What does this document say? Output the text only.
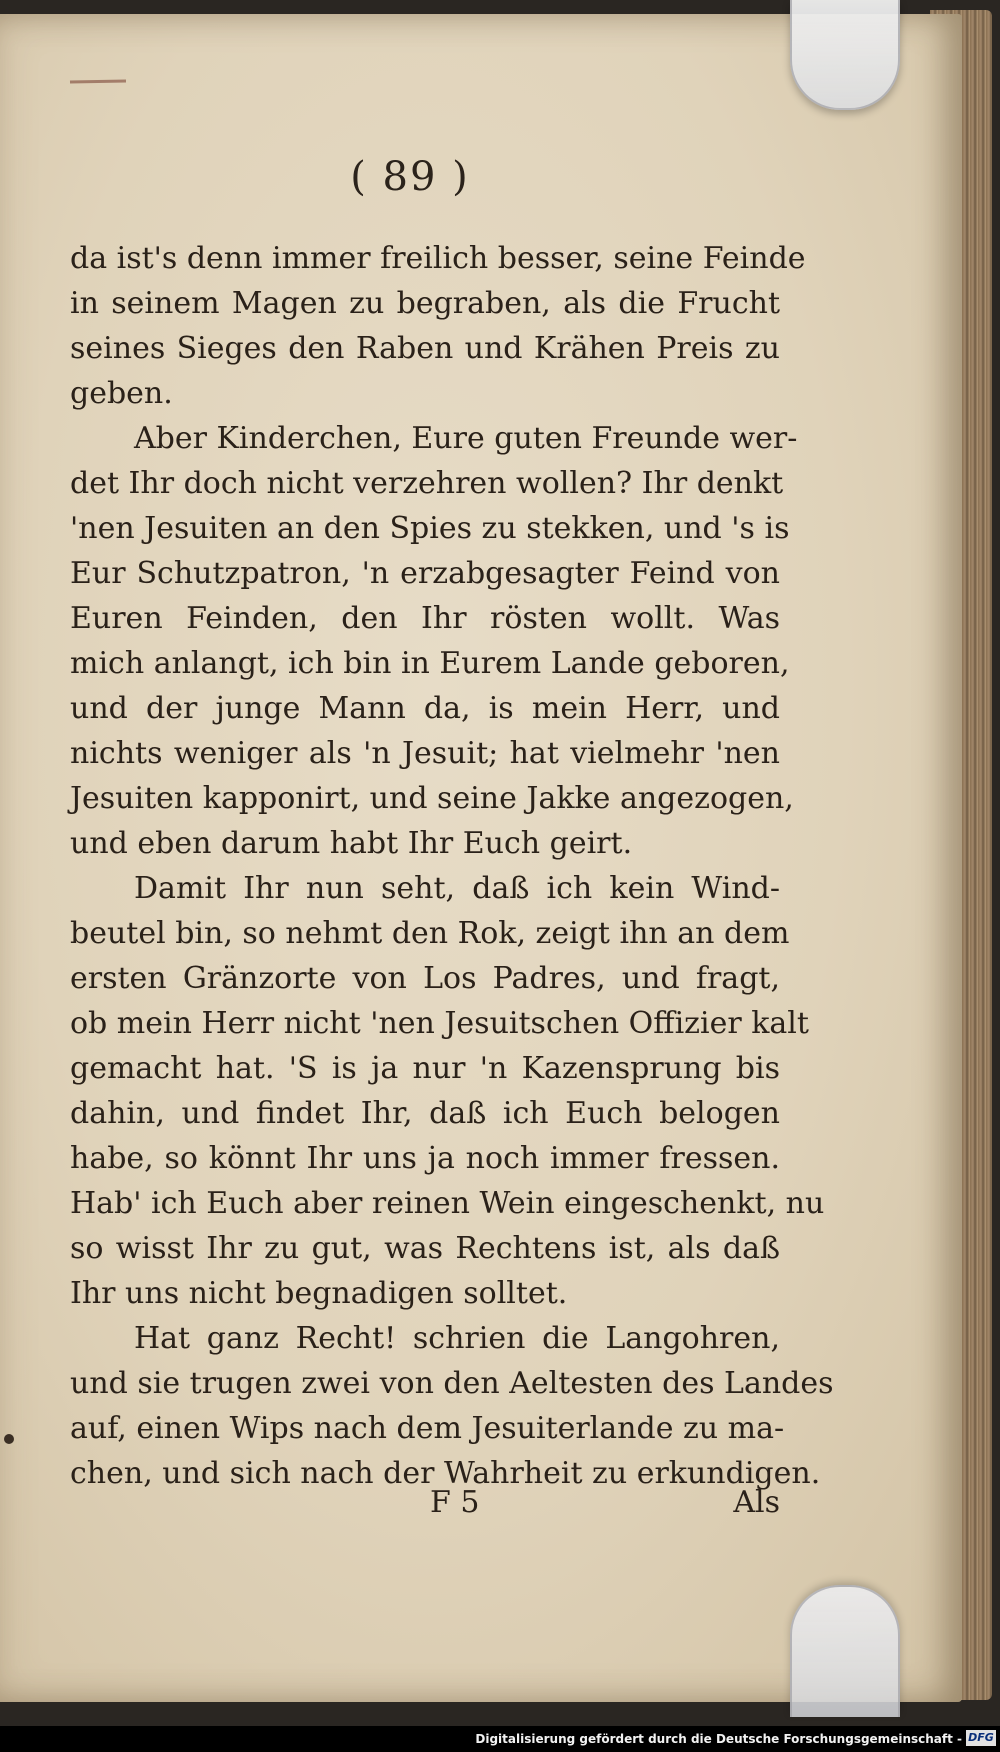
( 89 )
da ist's denn immer freilich besser, seine Feinde
in seinem Magen zu begraben, als die Frucht
seines Sieges den Raben und Krähen Preis zu
geben.
Aber Kinderchen, Eure guten Freunde wer-
det Ihr doch nicht verzehren wollen? Ihr denkt
'nen Jesuiten an den Spies zu stekken, und 's is
Eur Schutzpatron, 'n erzabgesagter Feind von
Euren Feinden, den Ihr rösten wollt. Was
mich anlangt, ich bin in Eurem Lande geboren,
und der junge Mann da, is mein Herr, und
nichts weniger als 'n Jesuit; hat vielmehr 'nen
Jesuiten kapponirt, und seine Jakke angezogen,
und eben darum habt Ihr Euch geirt.
Damit Ihr nun seht, daß ich kein Wind-
beutel bin, so nehmt den Rok, zeigt ihn an dem
ersten Gränzorte von Los Padres, und fragt,
ob mein Herr nicht 'nen Jesuitschen Offizier kalt
gemacht hat. 'S is ja nur 'n Kazensprung bis
dahin, und findet Ihr, daß ich Euch belogen
habe, so könnt Ihr uns ja noch immer fressen.
Hab' ich Euch aber reinen Wein eingeschenkt, nu
so wisst Ihr zu gut, was Rechtens ist, als daß
Ihr uns nicht begnadigen solltet.
Hat ganz Recht! schrien die Langohren,
und sie trugen zwei von den Aeltesten des Landes
auf, einen Wips nach dem Jesuiterlande zu ma-
chen, und sich nach der Wahrheit zu erkundigen.
F 5	Als
Digitalisierung gefördert durch die Deutsche Forschungsgemeinschaft - DFG
